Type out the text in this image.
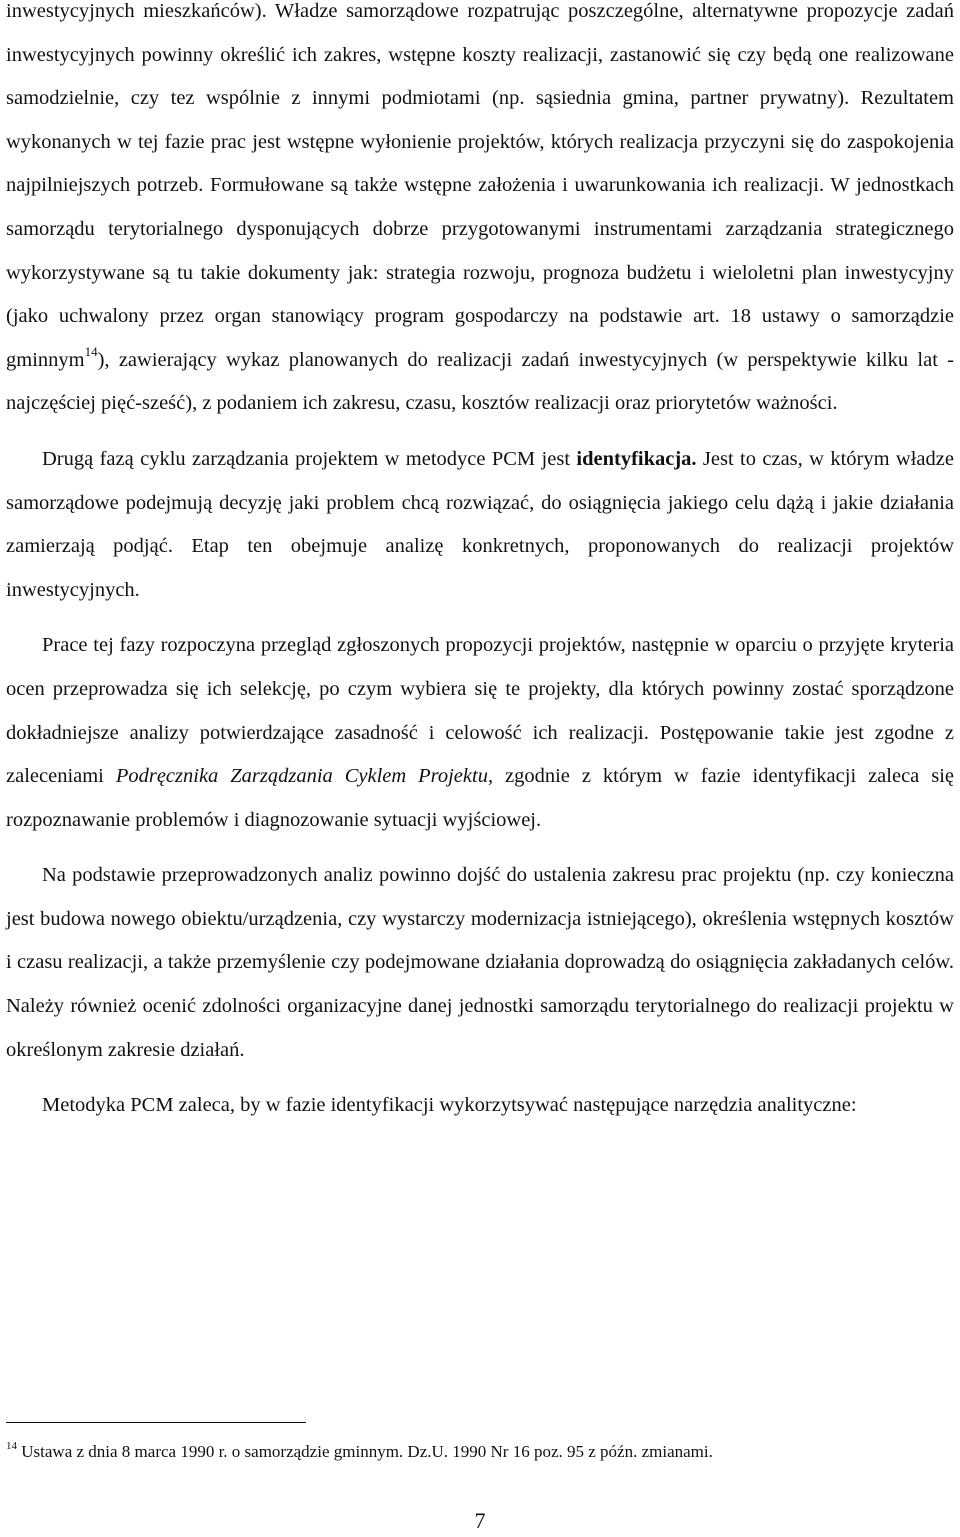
inwestycyjnych mieszkańców). Władze samorządowe rozpatrując poszczególne, alternatywne propozycje zadań inwestycyjnych powinny określić ich zakres, wstępne koszty realizacji, zastanowić się czy będą one realizowane samodzielnie, czy tez wspólnie z innymi podmiotami (np. sąsiednia gmina, partner prywatny). Rezultatem wykonanych w tej fazie prac jest wstępne wyłonienie projektów, których realizacja przyczyni się do zaspokojenia najpilniejszych potrzeb. Formułowane są także wstępne założenia i uwarunkowania ich realizacji. W jednostkach samorządu terytorialnego dysponujących dobrze przygotowanymi instrumentami zarządzania strategicznego wykorzystywane są tu takie dokumenty jak: strategia rozwoju, prognoza budżetu i wieloletni plan inwestycyjny (jako uchwalony przez organ stanowiący program gospodarczy na podstawie art. 18 ustawy o samorządzie gminnym$^{14}$), zawierający wykaz planowanych do realizacji zadań inwestycyjnych (w perspektywie kilku lat -najczęściej pięć-sześć), z podaniem ich zakresu, czasu, kosztów realizacji oraz priorytetów ważności.

Drugą fazą cyklu zarządzania projektem w metodyce PCM jest identyfikacja. Jest to czas, w którym władze samorządowe podejmują decyzję jaki problem chcą rozwiązać, do osiągnięcia jakiego celu dążą i jakie działania zamierzają podjąć. Etap ten obejmuje analizę konkretnych, proponowanych do realizacji projektów inwestycyjnych.

Prace tej fazy rozpoczyna przegląd zgłoszonych propozycji projektów, następnie w oparciu o przyjęte kryteria ocen przeprowadza się ich selekcję, po czym wybiera się te projekty, dla których powinny zostać sporządzone dokładniejsze analizy potwierdzające zasadność i celowość ich realizacji. Postępowanie takie jest zgodne z zaleceniami Podręcznika Zarządzania Cyklem Projektu, zgodnie z którym w fazie identyfikacji zaleca się rozpoznawanie problemów i diagnozowanie sytuacji wyjściowej.

Na podstawie przeprowadzonych analiz powinno dojść do ustalenia zakresu prac projektu (np. czy konieczna jest budowa nowego obiektu/urządzenia, czy wystarczy modernizacja istniejącego), określenia wstępnych kosztów i czasu realizacji, a także przemyślenie czy podejmowane działania doprowadzą do osiągnięcia zakładanych celów. Należy również ocenić zdolności organizacyjne danej jednostki samorządu terytorialnego do realizacji projektu w określonym zakresie działań.

Metodyka PCM zaleca, by w fazie identyfikacji wykorzytsywać następujące narzędzia analityczne:

$^{14}$ Ustawa z dnia 8 marca 1990 r. o samorządzie gminnym. Dz.U. 1990 Nr 16 poz. 95 z późn. zmianami.
7
